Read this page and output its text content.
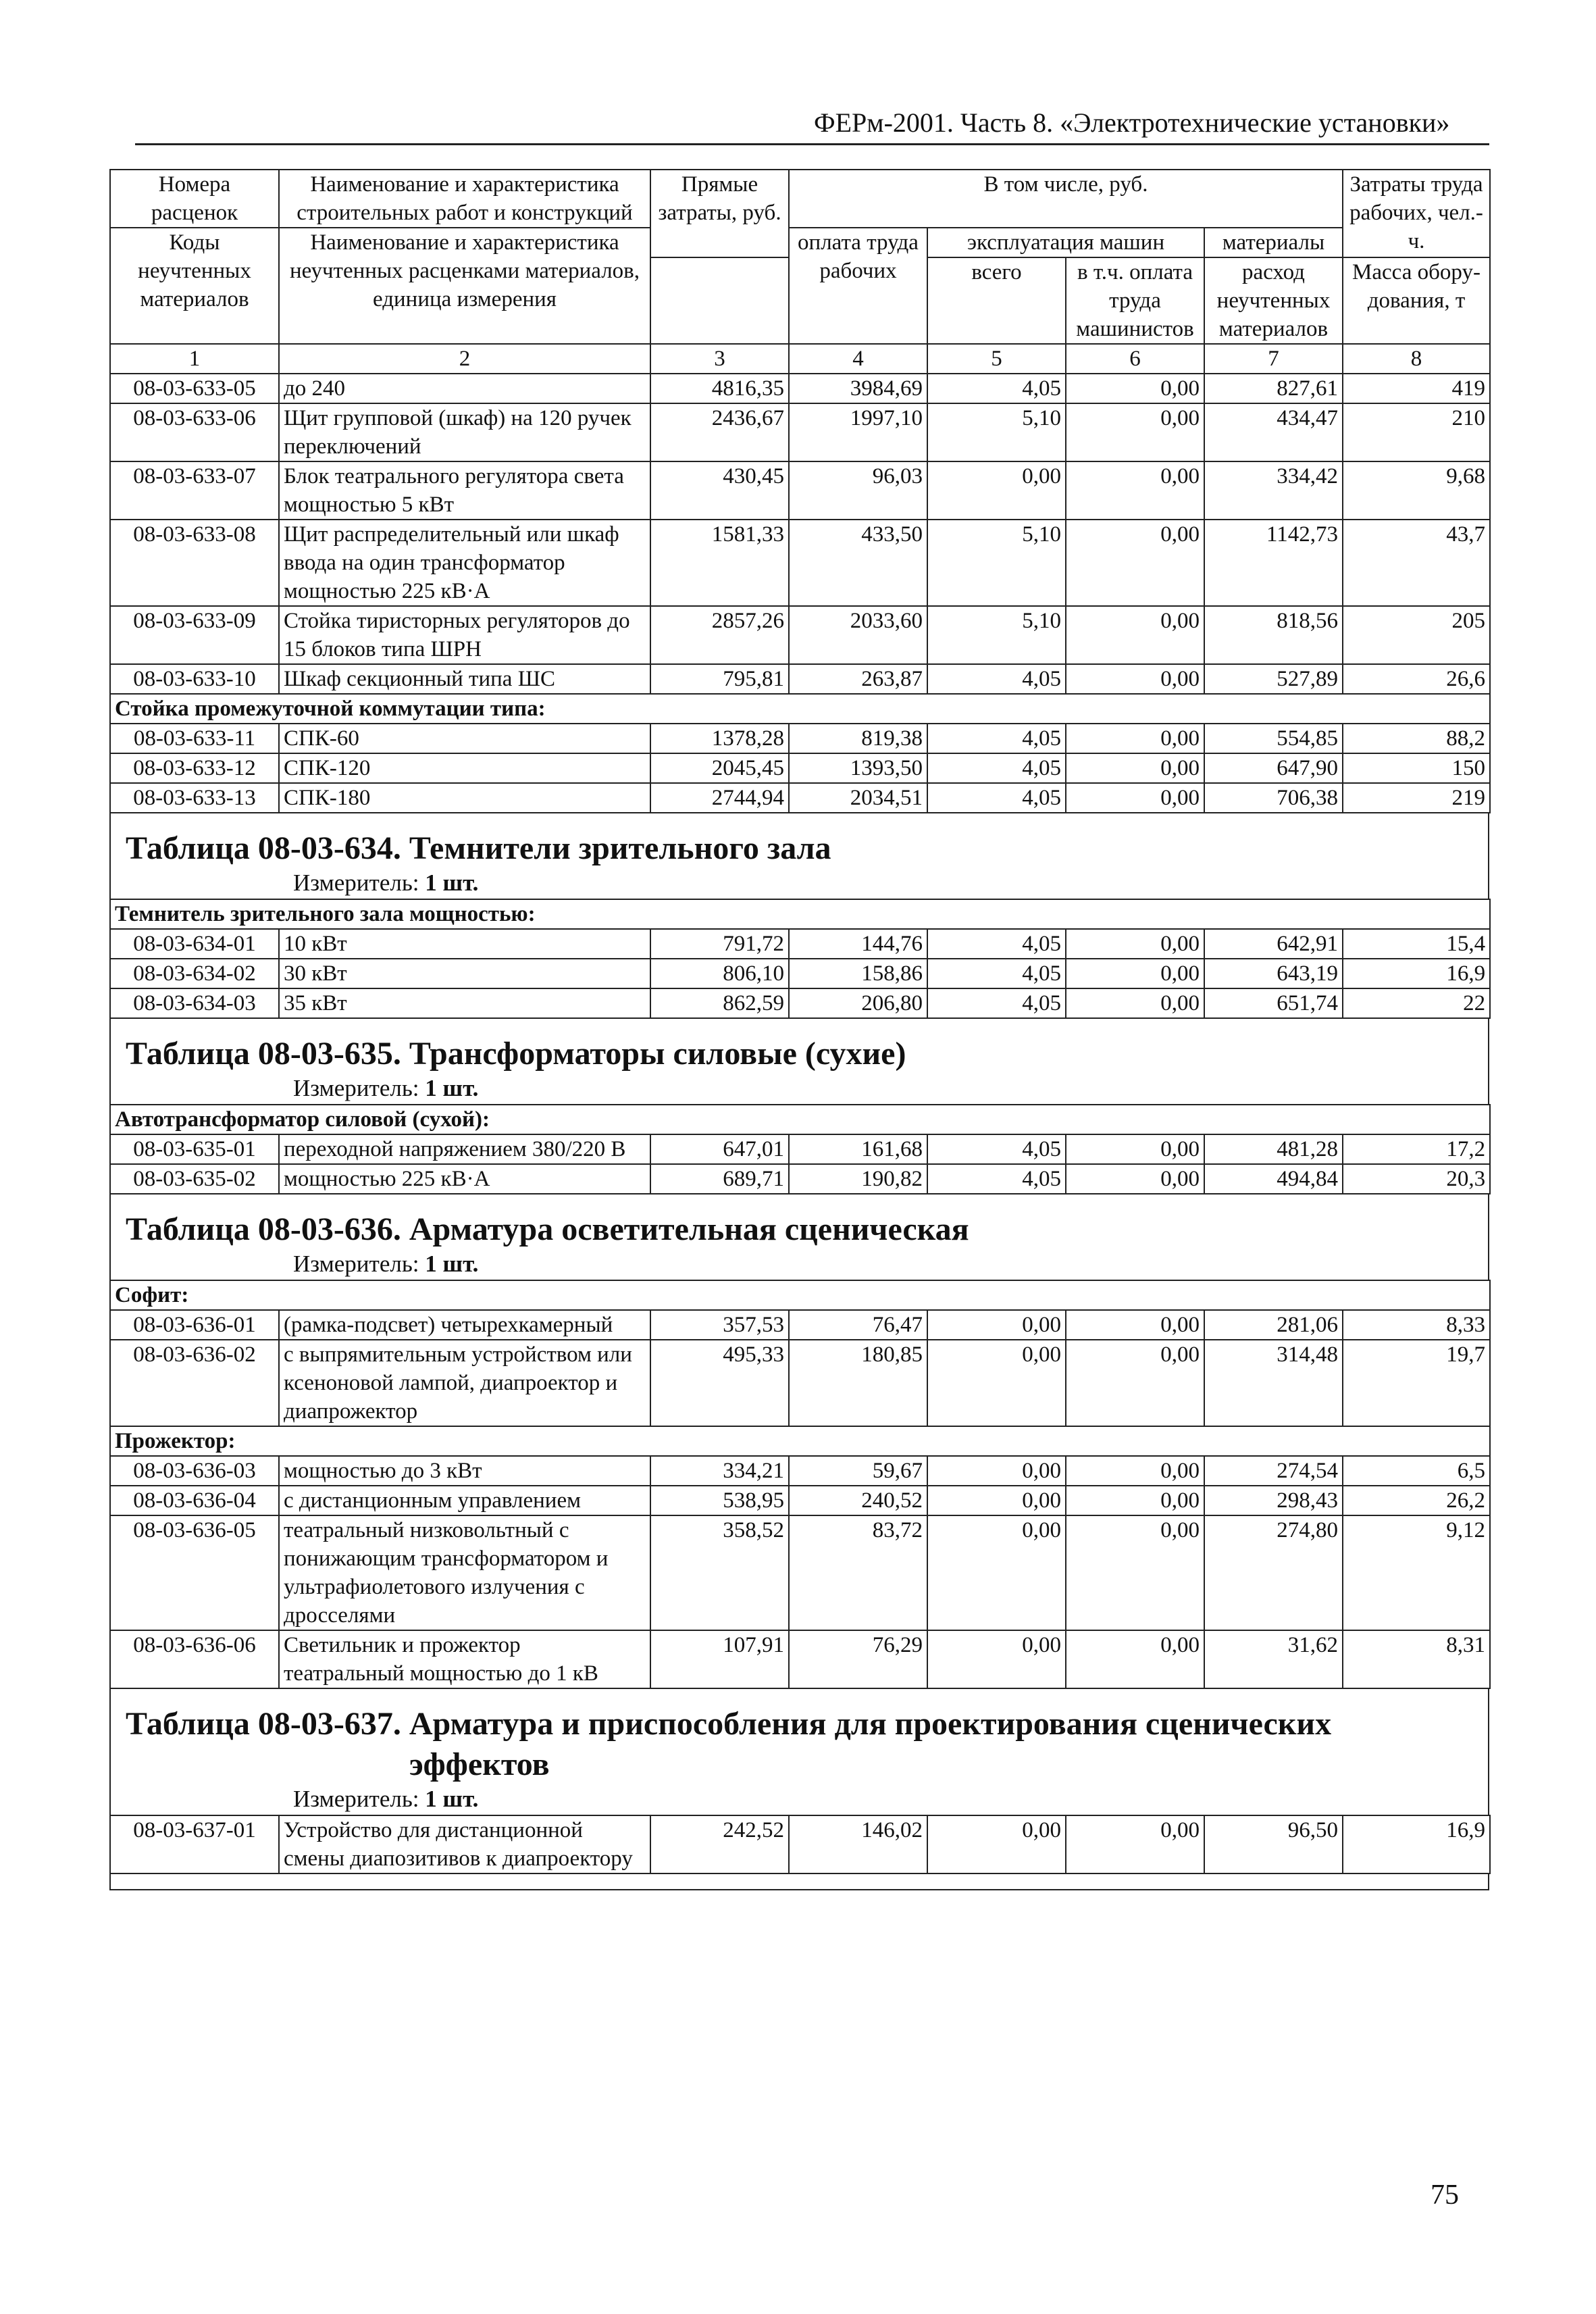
ФЕРм-2001. Часть 8. «Электротехнические установки»
Номера расценок	Наименование и характеристика строительных работ и конструкций	Прямые затраты, руб.	В том числе, руб.				Затраты труда рабочих, чел.-ч.
Коды неучтенных материалов	Наименование и характеристика неучтенных расценками материалов, единица измерения		оплата труда рабочих	эксплуатация машин		материалы	
				всего	в т.ч. оплата труда машинистов	расход неучтенных материалов	Масса обору-дования, т

1	2	3	4	5	6	7	8
08-03-633-05	до 240	4816,35	3984,69	4,05	0,00	827,61	419
08-03-633-06	Щит групповой (шкаф) на 120 ручек переключений	2436,67	1997,10	5,10	0,00	434,47	210
08-03-633-07	Блок театрального регулятора света мощностью 5 кВт	430,45	96,03	0,00	0,00	334,42	9,68
08-03-633-08	Щит распределительный или шкаф ввода на один трансформатор мощностью 225 кВ·А	1581,33	433,50	5,10	0,00	1142,73	43,7
08-03-633-09	Стойка тиристорных регуляторов до 15 блоков типа ШРН	2857,26	2033,60	5,10	0,00	818,56	205
08-03-633-10	Шкаф секционный типа ШС	795,81	263,87	4,05	0,00	527,89	26,6
Стойка промежуточной коммутации типа:							
08-03-633-11	СПК-60	1378,28	819,38	4,05	0,00	554,85	88,2
08-03-633-12	СПК-120	2045,45	1393,50	4,05	0,00	647,90	150
08-03-633-13	СПК-180	2744,94	2034,51	4,05	0,00	706,38	219
Таблица 08-03-634. Темнители зрительного зала
Измеритель: 1 шт.
Темнитель зрительного зала мощностью:							
08-03-634-01	10 кВт	791,72	144,76	4,05	0,00	642,91	15,4
08-03-634-02	30 кВт	806,10	158,86	4,05	0,00	643,19	16,9
08-03-634-03	35 кВт	862,59	206,80	4,05	0,00	651,74	22
Таблица 08-03-635. Трансформаторы силовые (сухие)
Измеритель: 1 шт.
Автотрансформатор силовой (сухой):							
08-03-635-01	переходной напряжением 380/220 В	647,01	161,68	4,05	0,00	481,28	17,2
08-03-635-02	мощностью 225 кВ·А	689,71	190,82	4,05	0,00	494,84	20,3
Таблица 08-03-636. Арматура осветительная сценическая
Измеритель: 1 шт.
Софит:							
08-03-636-01	(рамка-подсвет) четырехкамерный	357,53	76,47	0,00	0,00	281,06	8,33
08-03-636-02	с выпрямительным устройством или ксеноновой лампой, диапроектор и диапрожектор	495,33	180,85	0,00	0,00	314,48	19,7
Прожектор:							
08-03-636-03	мощностью до 3 кВт	334,21	59,67	0,00	0,00	274,54	6,5
08-03-636-04	с дистанционным управлением	538,95	240,52	0,00	0,00	298,43	26,2
08-03-636-05	театральный низковольтный с понижающим трансформатором и ультрафиолетового излучения с дросселями	358,52	83,72	0,00	0,00	274,80	9,12
08-03-636-06	Светильник и прожектор театральный мощностью до 1 кВ	107,91	76,29	0,00	0,00	31,62	8,31
Таблица 08-03-637. Арматура и приспособления для проектирования сценических
эффектов
Измеритель: 1 шт.
08-03-637-01	Устройство для дистанционной смены диапозитивов к диапроектору	242,52	146,02	0,00	0,00	96,50	16,9
75
